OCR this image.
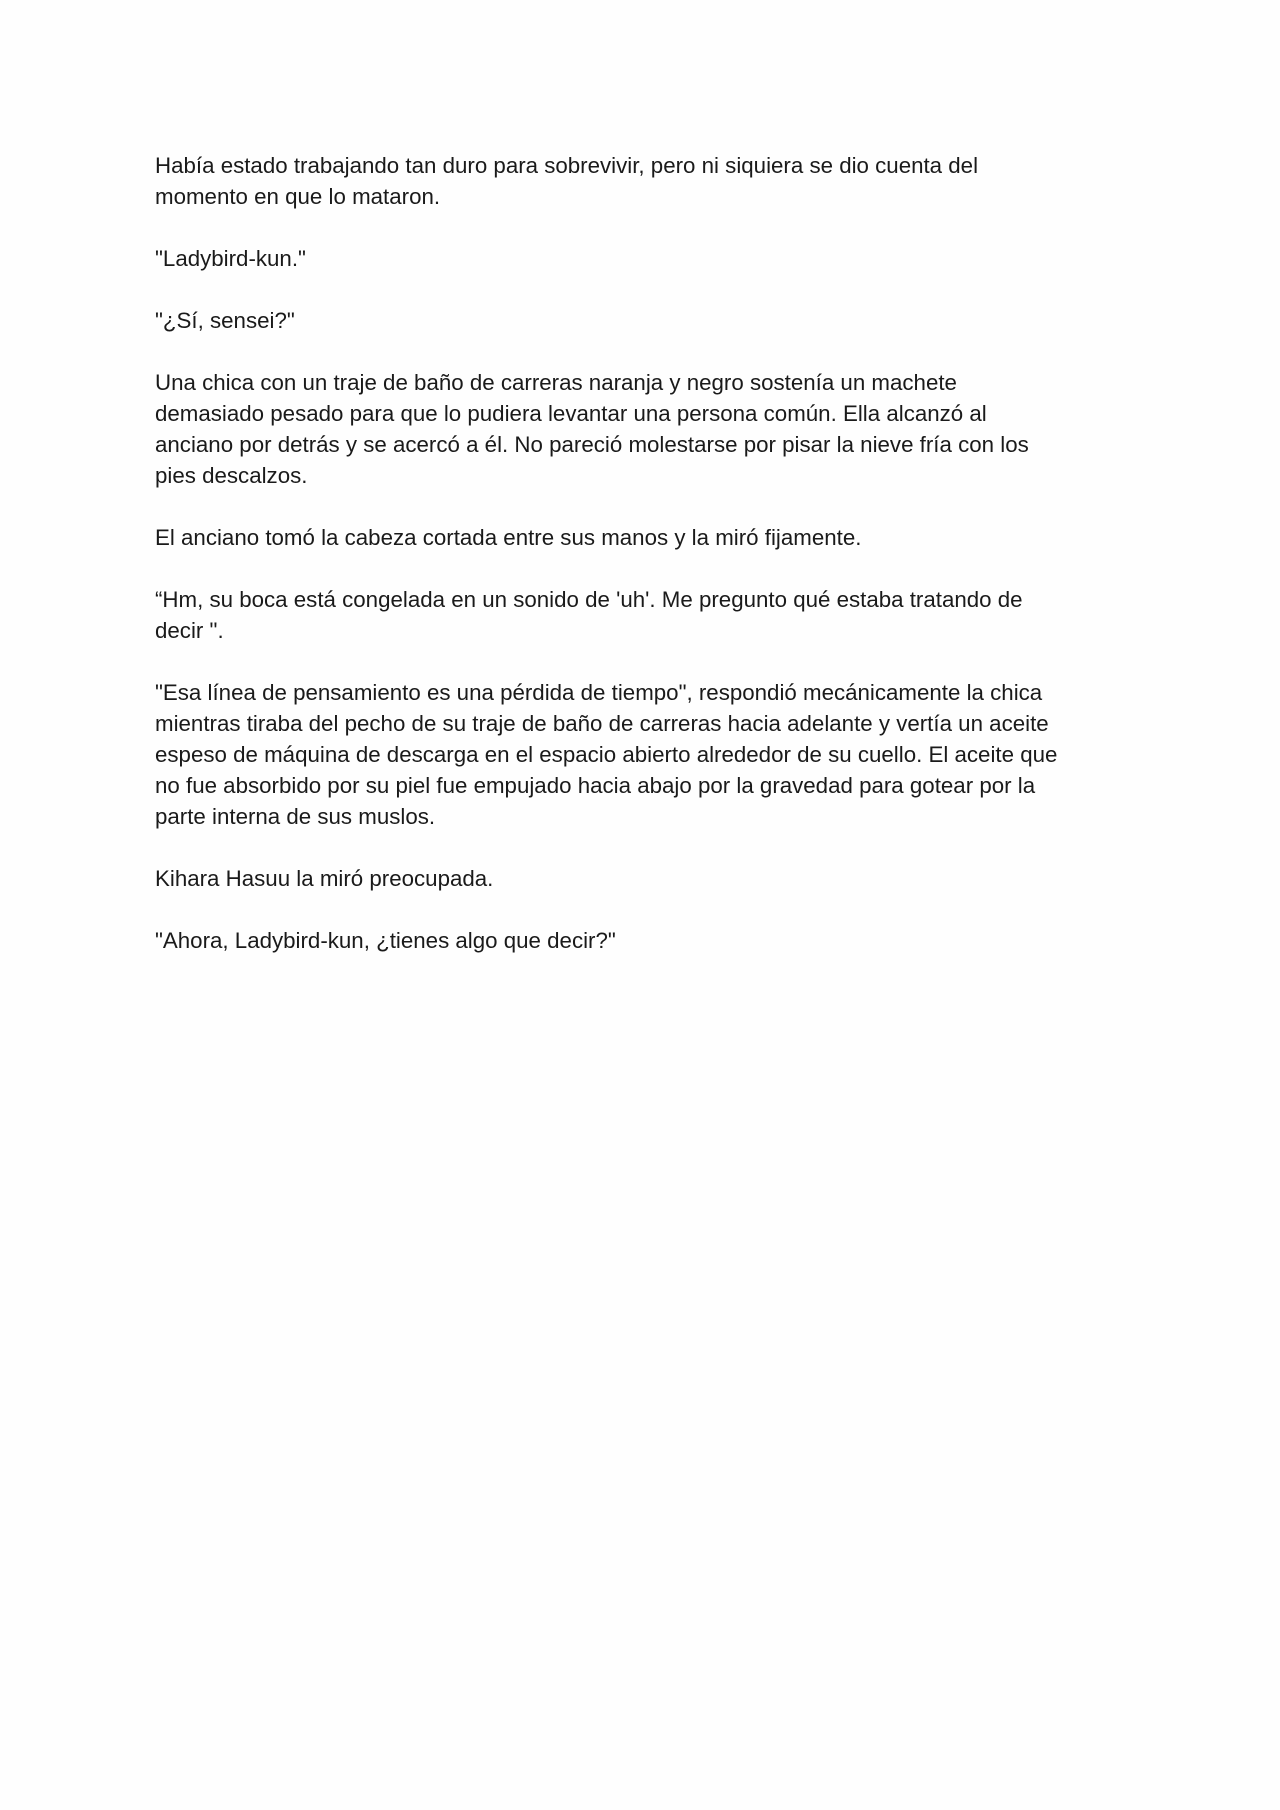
Había estado trabajando tan duro para sobrevivir, pero ni siquiera se dio cuenta del
momento en que lo mataron.

"Ladybird-kun."

"¿Sí, sensei?"

Una chica con un traje de baño de carreras naranja y negro sostenía un machete
demasiado pesado para que lo pudiera levantar una persona común. Ella alcanzó al
anciano por detrás y se acercó a él. No pareció molestarse por pisar la nieve fría con los
pies descalzos.

El anciano tomó la cabeza cortada entre sus manos y la miró fijamente.

“Hm, su boca está congelada en un sonido de 'uh'. Me pregunto qué estaba tratando de
decir ".

"Esa línea de pensamiento es una pérdida de tiempo", respondió mecánicamente la chica
mientras tiraba del pecho de su traje de baño de carreras hacia adelante y vertía un aceite
espeso de máquina de descarga en el espacio abierto alrededor de su cuello. El aceite que
no fue absorbido por su piel fue empujado hacia abajo por la gravedad para gotear por la
parte interna de sus muslos.

Kihara Hasuu la miró preocupada.

"Ahora, Ladybird-kun, ¿tienes algo que decir?"
